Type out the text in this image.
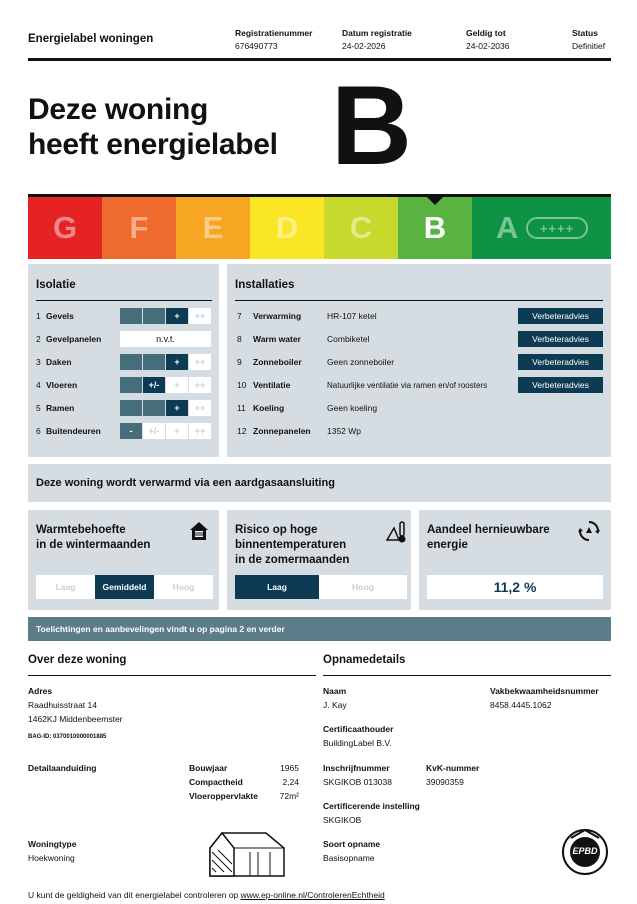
Energielabel woningen	Registratienummer
676490773
Datum registratie
24-02-2026
Geldig tot
24-02-2036
Status
Definitief
Deze woning
heeft energielabel B
G F E D C B A	++++
Isolatie
1 Gevels	+	++
2 Gevelpanelen	n.v.t.
3 Daken	+	++
4 Vloeren	+/-	+	++
5 Ramen	+	++
6 Buitendeuren	-	+/-	+	++
Installaties
7	Verwarming	HR-107 ketel	Verbeteradvies
8	Warm water	Combiketel	Verbeteradvies
9	Zonneboiler	Geen zonneboiler	Verbeteradvies
10 Ventilatie	Natuurlijke ventilatie via ramen en/of roosters	Verbeteradvies
11 Koeling	Geen koeling
12 Zonnepanelen	1352 Wp
Deze woning wordt verwarmd via een aardgasaansluiting
Warmtebehoefte
in de wintermaanden
Laag	Gemiddeld	Hoog
Risico op hoge
binnentemperaturen
in de zomermaanden
Laag	Hoog
Aandeel hernieuwbare
energie
11,2 %
Toelichtingen en aanbevelingen vindt u op pagina 2 en verder
Over deze woning
Adres
Raadhuisstraat 14
1462KJ Middenbeemster
BAG-ID: 0370010000001885
Detailaanduiding	Bouwjaar	1965
Compactheid	2,24
Vloeroppervlakte	72m²
Woningtype
Hoekwoning
Opnamedetails
Naam
J. Kay
Vakbekwaamheidsnummer
8458.4445.1062
Certificaathouder
BuildingLabel B.V.
Inschrijfnummer
SKGIKOB 013038
KvK-nummer
39090359
Certificerende instelling
SKGIKOB
Soort opname
Basisopname
EPBD
U kunt de geldigheid van dit energielabel controleren op www.ep-online.nl/ControlerenEchtheid
